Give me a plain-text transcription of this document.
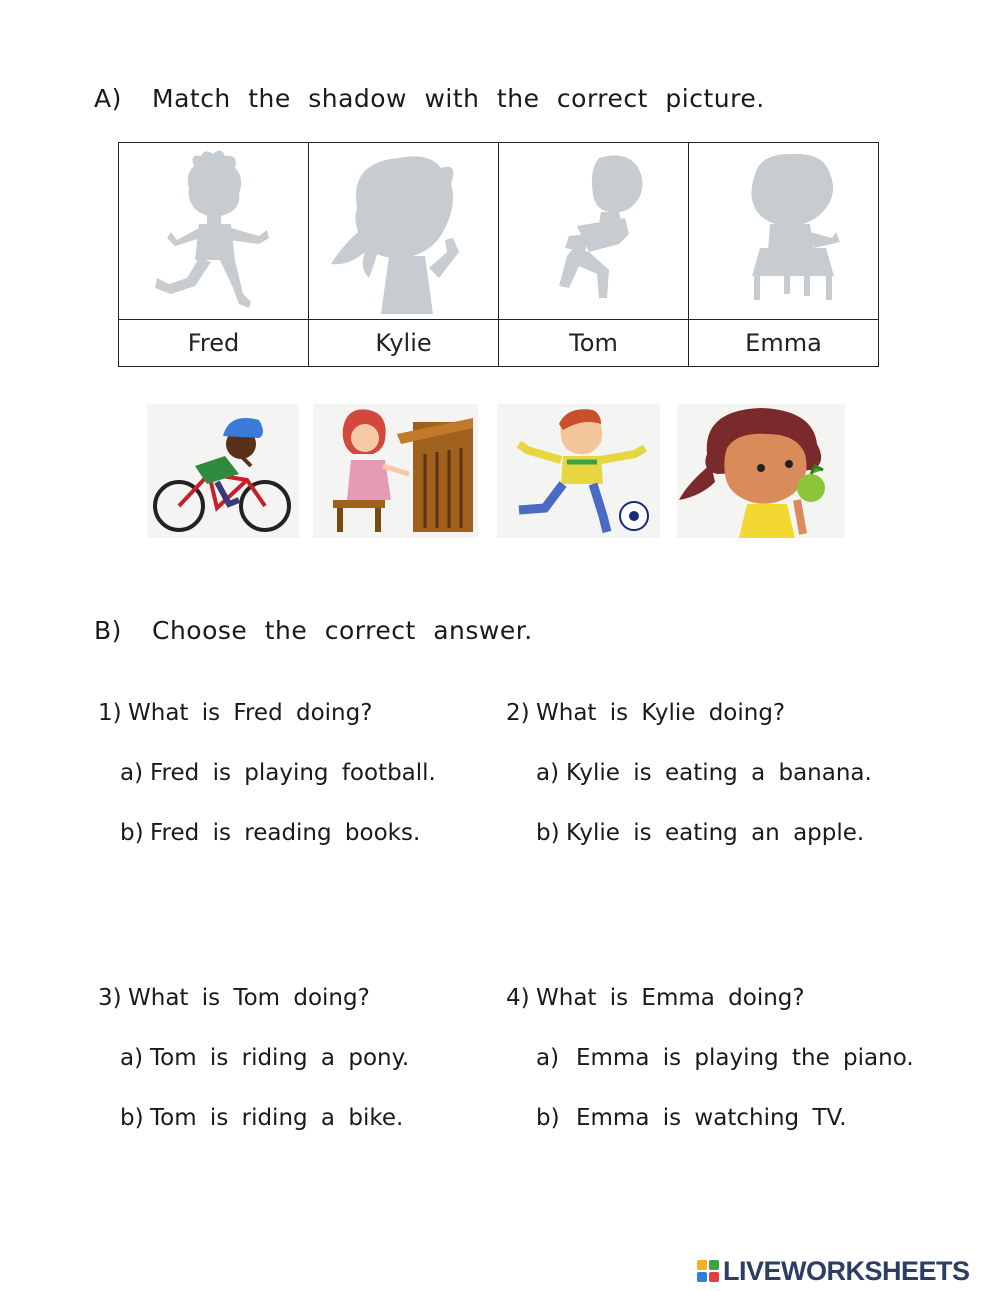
A) Match the shadow with the correct picture.

Fred	Kylie	Tom	Emma
B) Choose the correct answer.
1) What is Fred doing?
a) Fred is playing football.
b) Fred is reading books.
2) What is Kylie doing?
a) Kylie is eating a banana.
b) Kylie is eating an apple.
3) What is Tom doing?
a) Tom is riding a pony.
b) Tom is riding a bike.
4) What is Emma doing?
a) Emma is playing the piano.
b) Emma is watching TV.
LIVEWORKSHEETS
